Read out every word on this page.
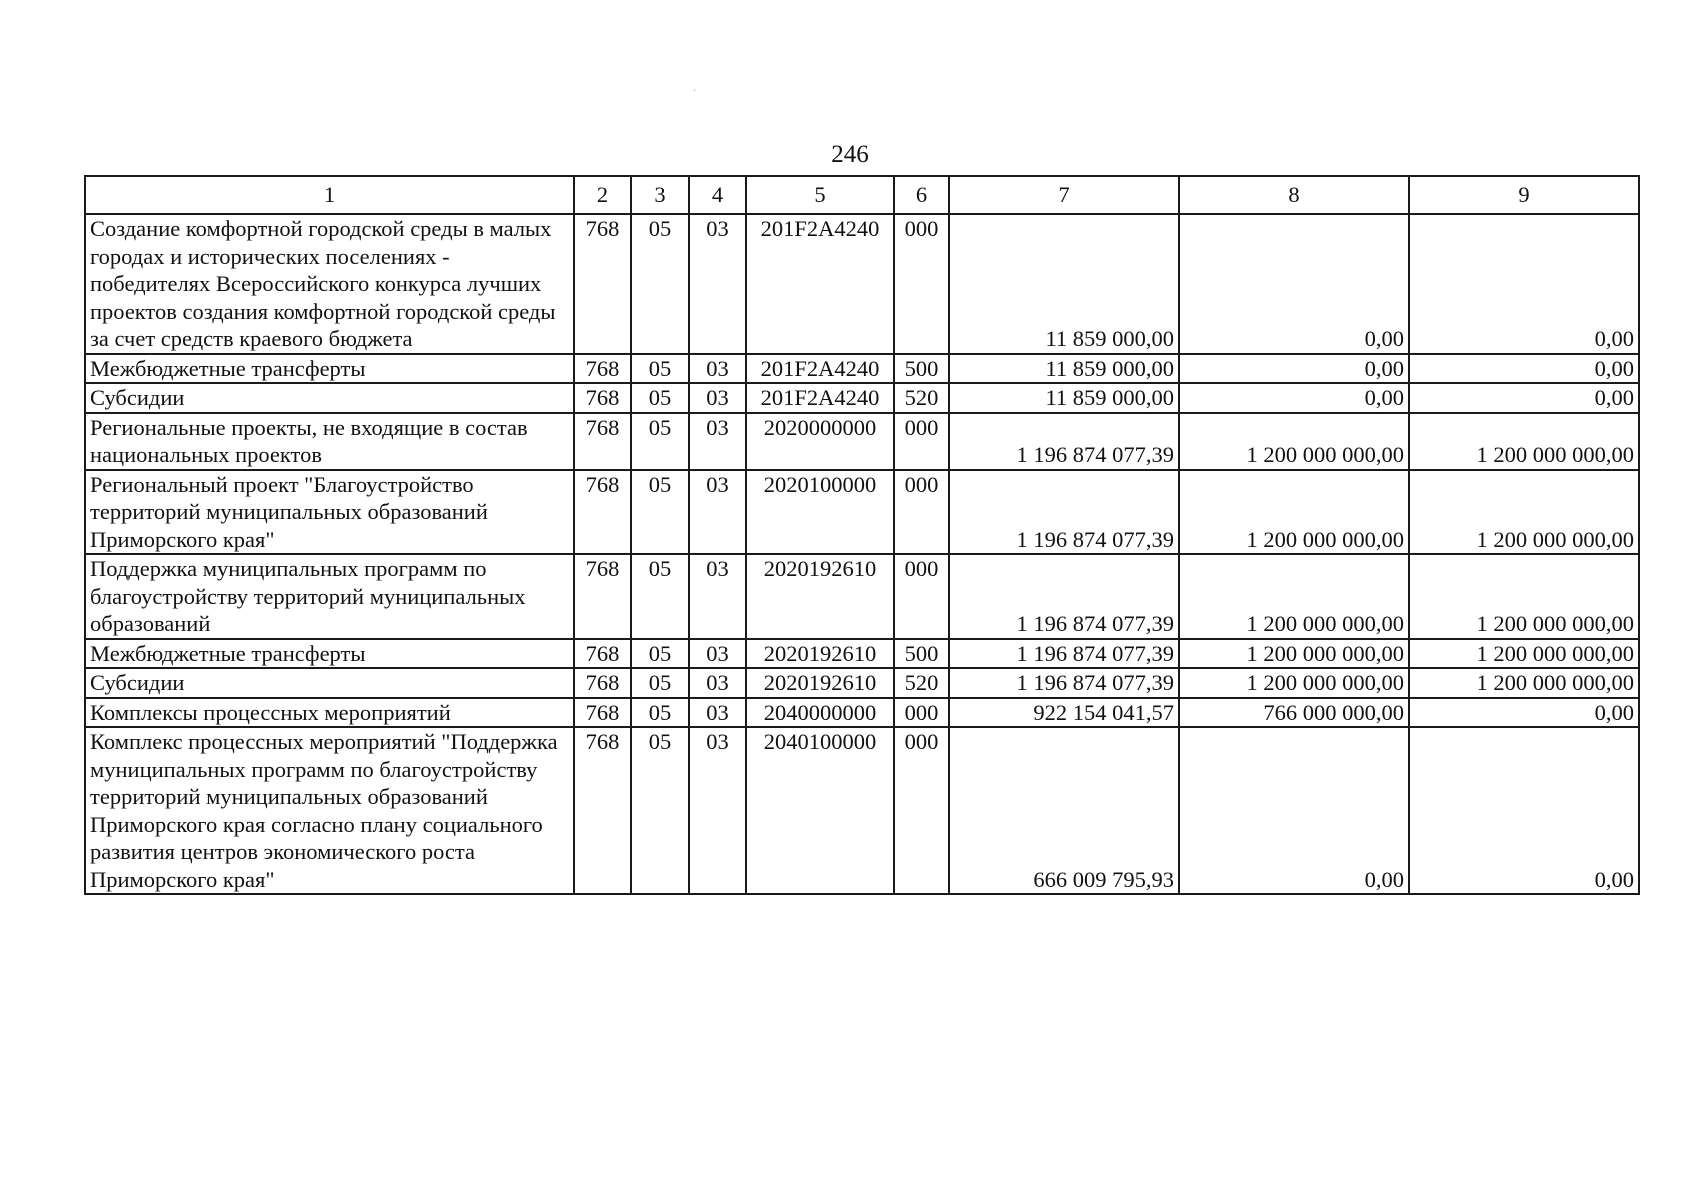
´
246
1	2	3	4	5	6	7	8	9
Создание комфортной городской среды в малых городах и исторических поселениях - победителях Всероссийского конкурса лучших проектов создания комфортной городской среды за счет средств краевого бюджета	768	05	03	201F2A4240	000	11 859 000,00	0,00	0,00
Межбюджетные трансферты	768	05	03	201F2A4240	500	11 859 000,00	0,00	0,00
Субсидии	768	05	03	201F2A4240	520	11 859 000,00	0,00	0,00
Региональные проекты, не входящие в состав национальных проектов	768	05	03	2020000000	000	1 196 874 077,39	1 200 000 000,00	1 200 000 000,00
Региональный проект "Благоустройство территорий муниципальных образований Приморского края"	768	05	03	2020100000	000	1 196 874 077,39	1 200 000 000,00	1 200 000 000,00
Поддержка муниципальных программ по благоустройству территорий муниципальных образований	768	05	03	2020192610	000	1 196 874 077,39	1 200 000 000,00	1 200 000 000,00
Межбюджетные трансферты	768	05	03	2020192610	500	1 196 874 077,39	1 200 000 000,00	1 200 000 000,00
Субсидии	768	05	03	2020192610	520	1 196 874 077,39	1 200 000 000,00	1 200 000 000,00
Комплексы процессных мероприятий	768	05	03	2040000000	000	922 154 041,57	766 000 000,00	0,00
Комплекс процессных мероприятий "Поддержка муниципальных программ по благоустройству территорий муниципальных образований Приморского края согласно плану социального развития центров экономического роста Приморского края"	768	05	03	2040100000	000	666 009 795,93	0,00	0,00
